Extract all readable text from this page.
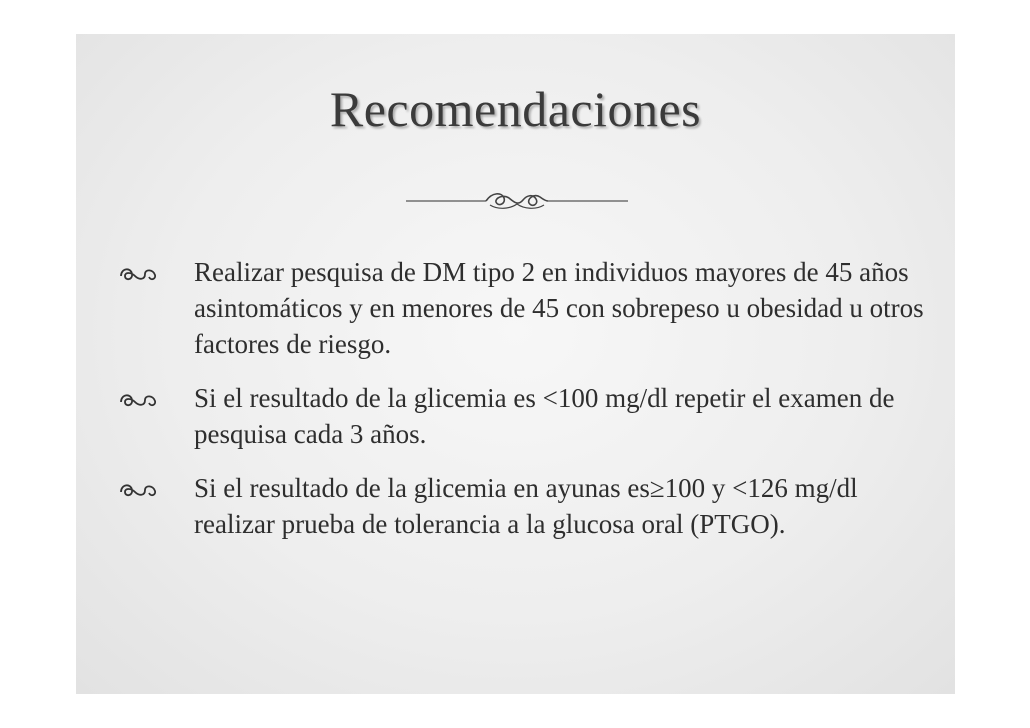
Recomendaciones
Realizar pesquisa de DM tipo 2 en individuos mayores de 45 años asintomáticos y en menores de 45 con sobrepeso u obesidad u otros factores de riesgo.
Si el resultado de la glicemia es <100 mg/dl repetir el examen de pesquisa cada 3 años.
Si el resultado de la glicemia en ayunas es≥100 y <126 mg/dl realizar prueba de tolerancia a la glucosa oral (PTGO).
